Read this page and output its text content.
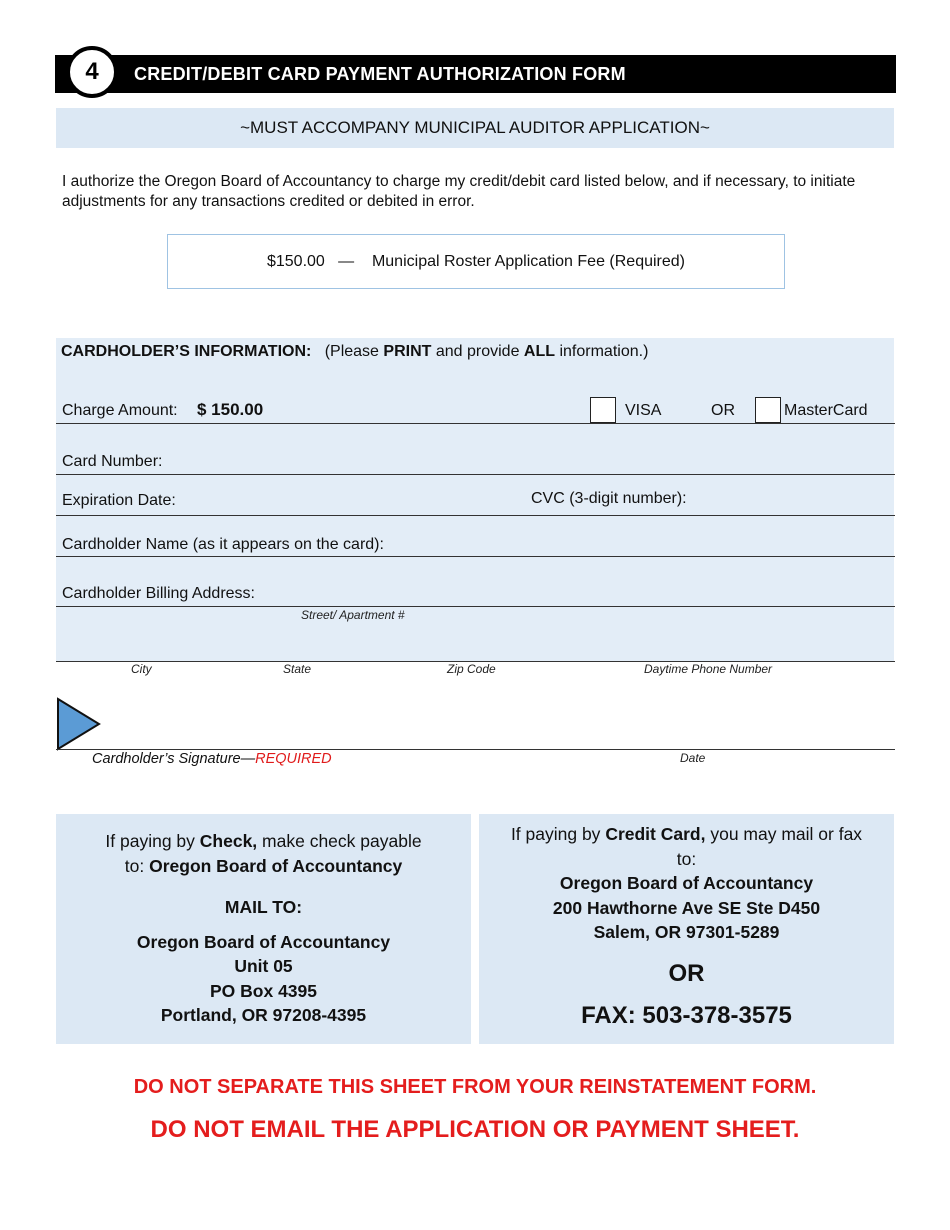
4 CREDIT/DEBIT CARD PAYMENT AUTHORIZATION FORM
~MUST ACCOMPANY MUNICIPAL AUDITOR APPLICATION~
I authorize the Oregon Board of Accountancy to charge my credit/debit card listed below, and if necessary, to initiate adjustments for any transactions credited or debited in error.
$150.00
—
Municipal Roster Application Fee (Required)
CARDHOLDER’S INFORMATION: (Please PRINT and provide ALL information.)
Charge Amount: $ 150.00	VISA	OR	MasterCard
Card Number:
Expiration Date:	CVC (3-digit number):
Cardholder Name (as it appears on the card):
Cardholder Billing Address:
Street/ Apartment #
City	State	Zip Code	Daytime Phone Number
Cardholder’s Signature—REQUIRED	Date
If paying by Check, make check payable
to: Oregon Board of Accountancy
MAIL TO:
Oregon Board of Accountancy
Unit 05
PO Box 4395
Portland, OR 97208-4395
If paying by Credit Card, you may mail or fax
to:
Oregon Board of Accountancy
200 Hawthorne Ave SE Ste D450
Salem, OR 97301-5289
OR
FAX: 503-378-3575
DO NOT SEPARATE THIS SHEET FROM YOUR REINSTATEMENT FORM.
DO NOT EMAIL THE APPLICATION OR PAYMENT SHEET.
